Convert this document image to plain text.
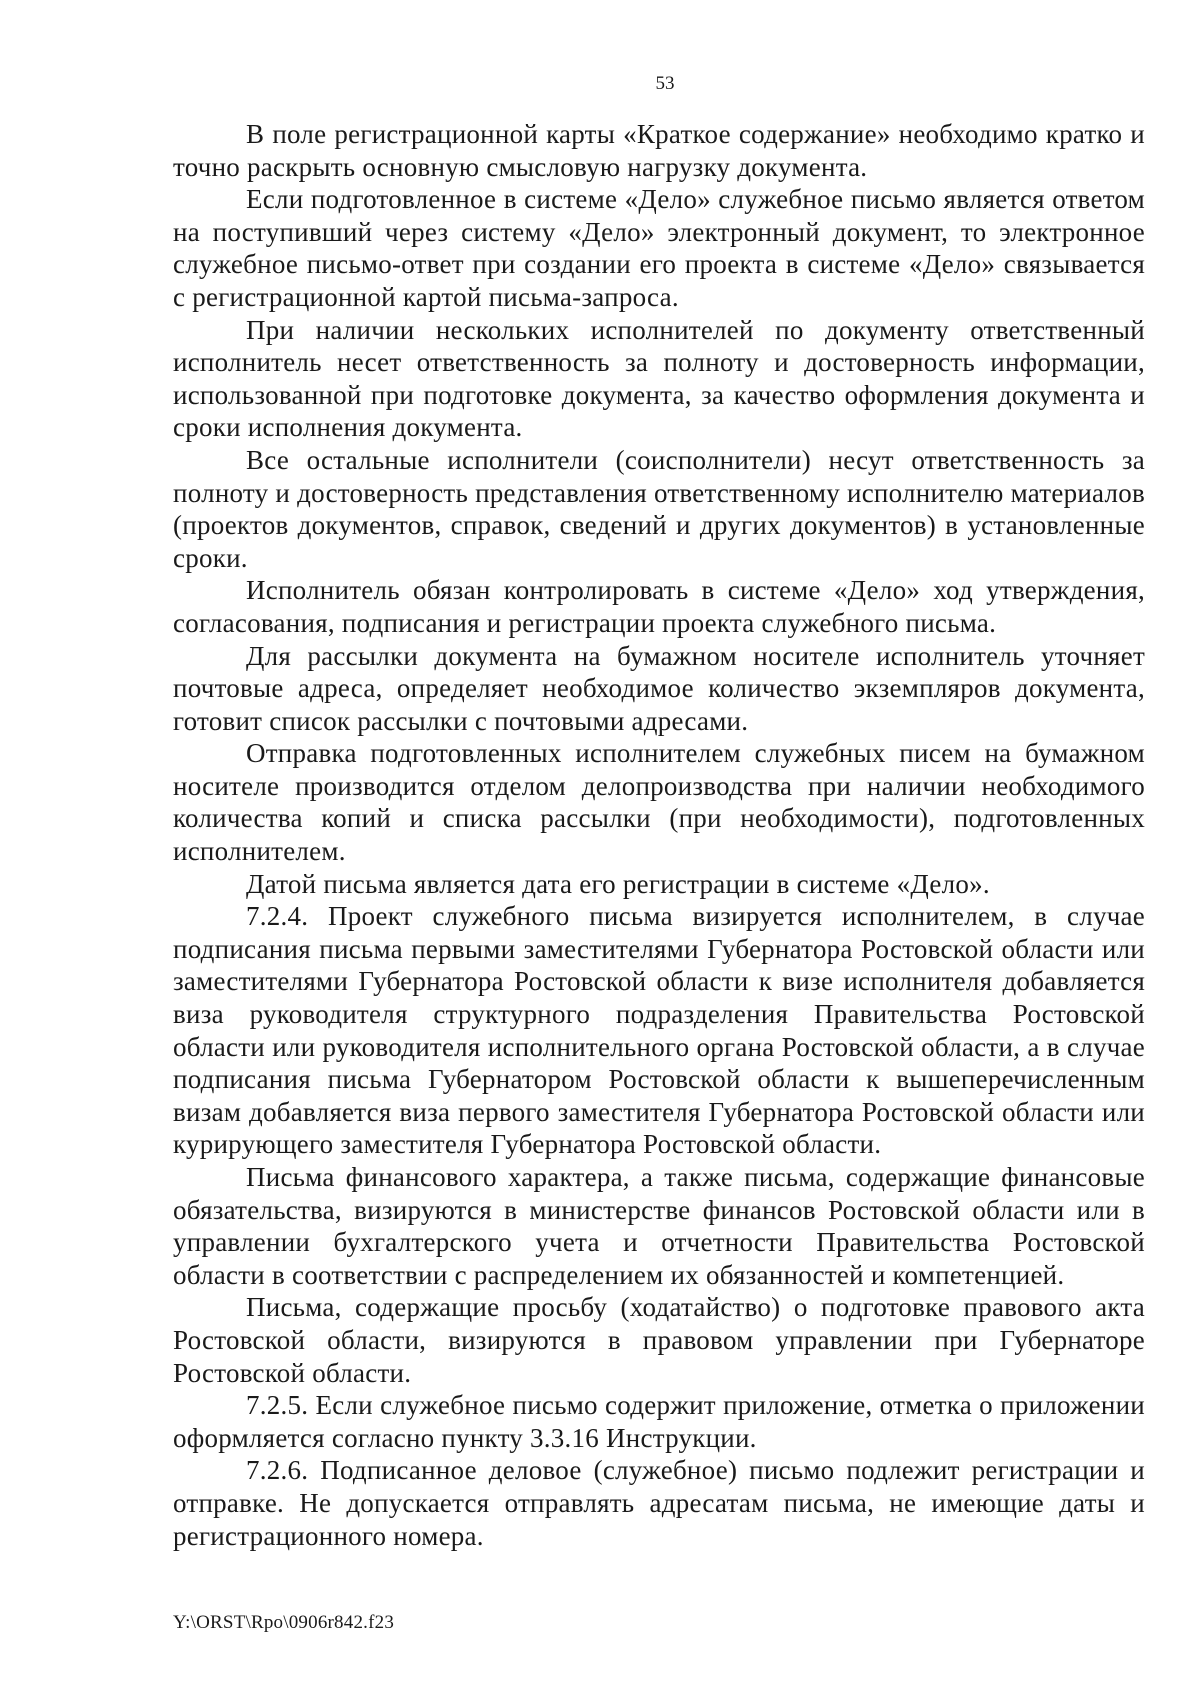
53

В поле регистрационной карты «Краткое содержание» необходимо кратко и точно раскрыть основную смысловую нагрузку документа.

Если подготовленное в системе «Дело» служебное письмо является ответом на поступивший через систему «Дело» электронный документ, то электронное служебное письмо-ответ при создании его проекта в системе «Дело» связывается с регистрационной картой письма-запроса.

При наличии нескольких исполнителей по документу ответственный исполнитель несет ответственность за полноту и достоверность информации, использованной при подготовке документа, за качество оформления документа и сроки исполнения документа.

Все остальные исполнители (соисполнители) несут ответственность за полноту и достоверность представления ответственному исполнителю материалов (проектов документов, справок, сведений и других документов) в установленные сроки.

Исполнитель обязан контролировать в системе «Дело» ход утверждения, согласования, подписания и регистрации проекта служебного письма.

Для рассылки документа на бумажном носителе исполнитель уточняет почтовые адреса, определяет необходимое количество экземпляров документа, готовит список рассылки с почтовыми адресами.

Отправка подготовленных исполнителем служебных писем на бумажном носителе производится отделом делопроизводства при наличии необходимого количества копий и списка рассылки (при необходимости), подготовленных исполнителем.

Датой письма является дата его регистрации в системе «Дело».

7.2.4. Проект служебного письма визируется исполнителем, в случае подписания письма первыми заместителями Губернатора Ростовской области или заместителями Губернатора Ростовской области к визе исполнителя добавляется виза руководителя структурного подразделения Правительства Ростовской области или руководителя исполнительного органа Ростовской области, а в случае подписания письма Губернатором Ростовской области к вышеперечисленным визам добавляется виза первого заместителя Губернатора Ростовской области или курирующего заместителя Губернатора Ростовской области.

Письма финансового характера, а также письма, содержащие финансовые обязательства, визируются в министерстве финансов Ростовской области или в управлении бухгалтерского учета и отчетности Правительства Ростовской области в соответствии с распределением их обязанностей и компетенцией.

Письма, содержащие просьбу (ходатайство) о подготовке правового акта Ростовской области, визируются в правовом управлении при Губернаторе Ростовской области.

7.2.5. Если служебное письмо содержит приложение, отметка о приложении оформляется согласно пункту 3.3.16 Инструкции.

7.2.6. Подписанное деловое (служебное) письмо подлежит регистрации и отправке. Не допускается отправлять адресатам письма, не имеющие даты и регистрационного номера.

Y:\ORST\Rpo\0906r842.f23
